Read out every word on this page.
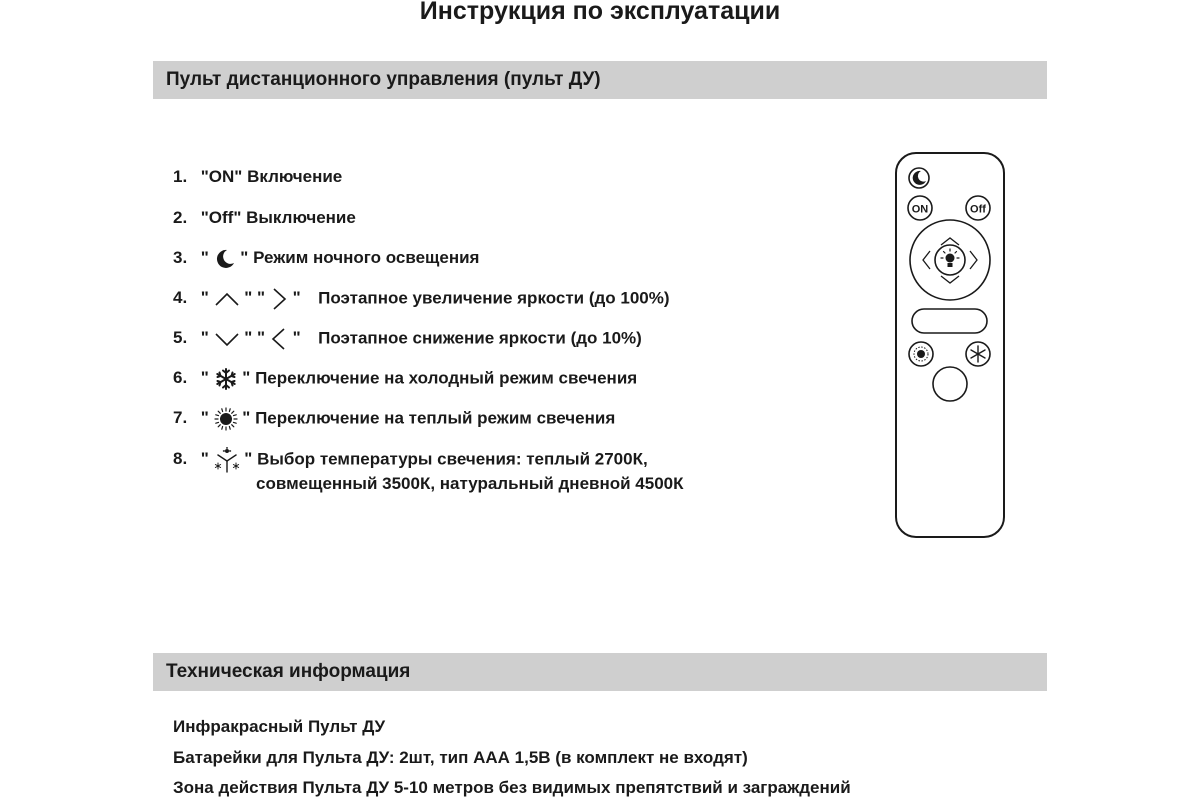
Инструкция по эксплуатации
Пульт дистанционного управления (пульт ДУ)
1. "ON" Включение
2. "Off" Выключение
3. " " Режим ночного освещения
4. " " " " Поэтапное увеличение яркости (до 100%)
5. " " " " Поэтапное снижение яркости (до 10%)
6. " " Переключение на холодный режим свечения
7. " " Переключение на теплый режим свечения
8. " " Выбор температуры свечения: теплый 2700К,
совмещенный 3500К, натуральный дневной 4500К
ON	Off
Техническая информация
Инфракрасный Пульт ДУ
Батарейки для Пульта ДУ: 2шт, тип ААА 1,5В (в комплект не входят)
Зона действия Пульта ДУ 5-10 метров без видимых препятствий и заграждений
